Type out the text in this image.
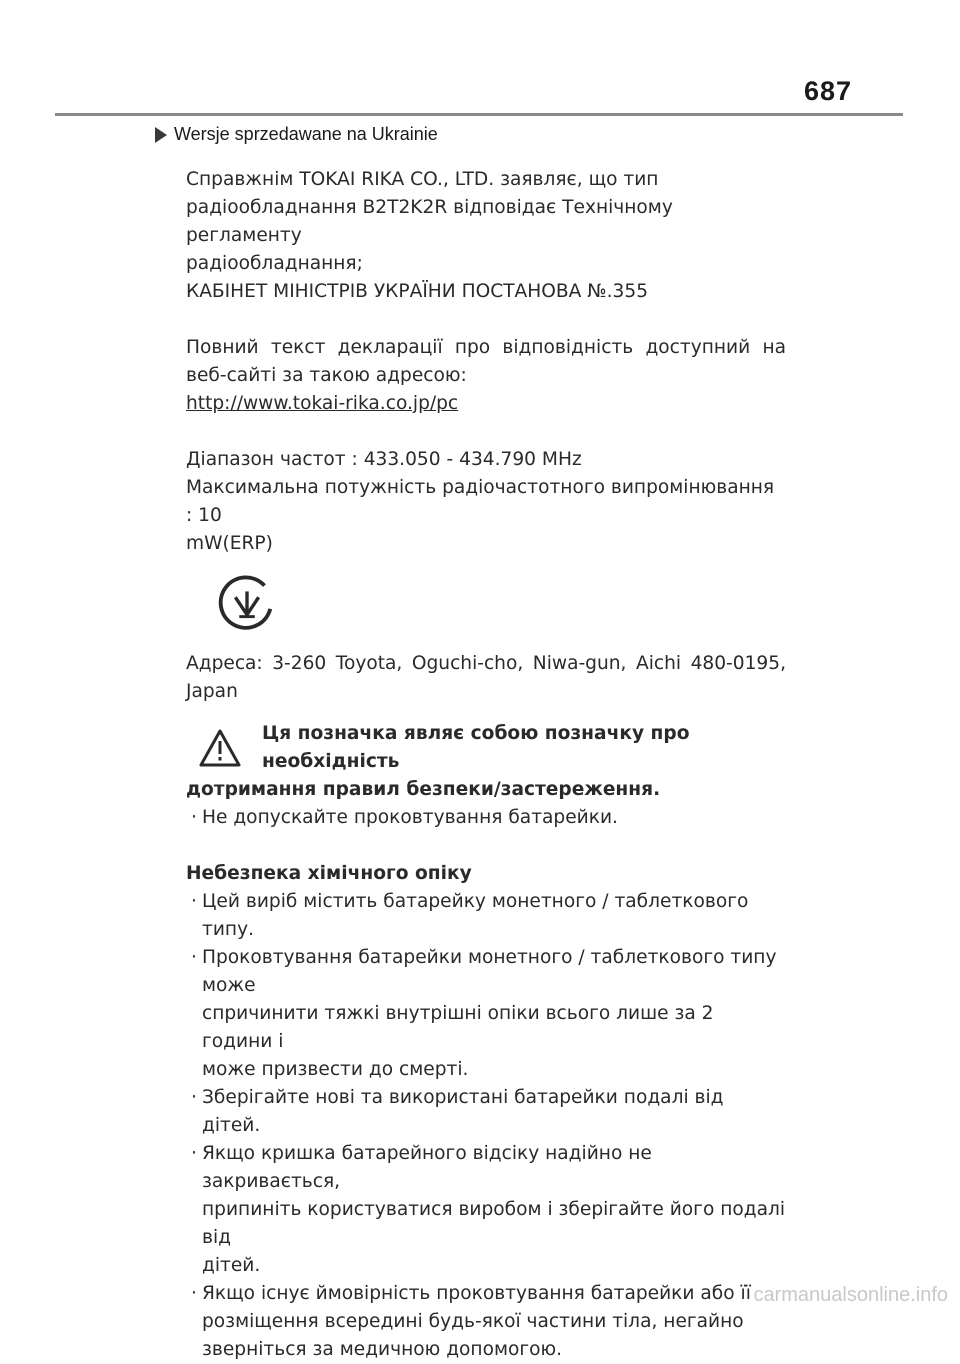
687
Wersje sprzedawane na Ukrainie

Справжнім TOKAI RIKA CO., LTD. заявляє, що тип

радіообладнання B2T2K2R відповідає Технічному регламенту

радіообладнання;

КАБІНЕТ МІНІСТРІВ УКРАЇНИ ПОСТАНОВА №.355

Повний текст декларації про відповідність доступний на

веб-сайті за такою адресою:

http://www.tokai-rika.co.jp/pc

Діапазон частот : 433.050 - 434.790 MHz

Максимальна потужність радіочастотного випромінювання : 10

mW(ERP)

Адреса: 3-260 Toyota, Oguchi-cho, Niwa-gun, Aichi 480-0195,

Japan

Ця позначка являє собою позначку про необхідність

дотримання правил безпеки/застереження.

· Не допускайте проковтування батарейки.

Небезпека хімічного опіку

· Цей виріб містить батарейку монетного / таблеткового типу.
· Проковтування батарейки монетного / таблеткового типу може
спричинити тяжкі внутрішні опіки всього лише за 2 години і
може призвести до смерті.
· Зберігайте нові та використані батарейки подалі від дітей.
· Якщо кришка батарейного відсіку надійно не закривається,
припиніть користуватися виробом і зберігайте його подалі від
дітей.
· Якщо існує ймовірність проковтування батарейки або її
розміщення всередині будь-якої частини тіла, негайно
зверніться за медичною допомогою.
carmanualsonline.info
